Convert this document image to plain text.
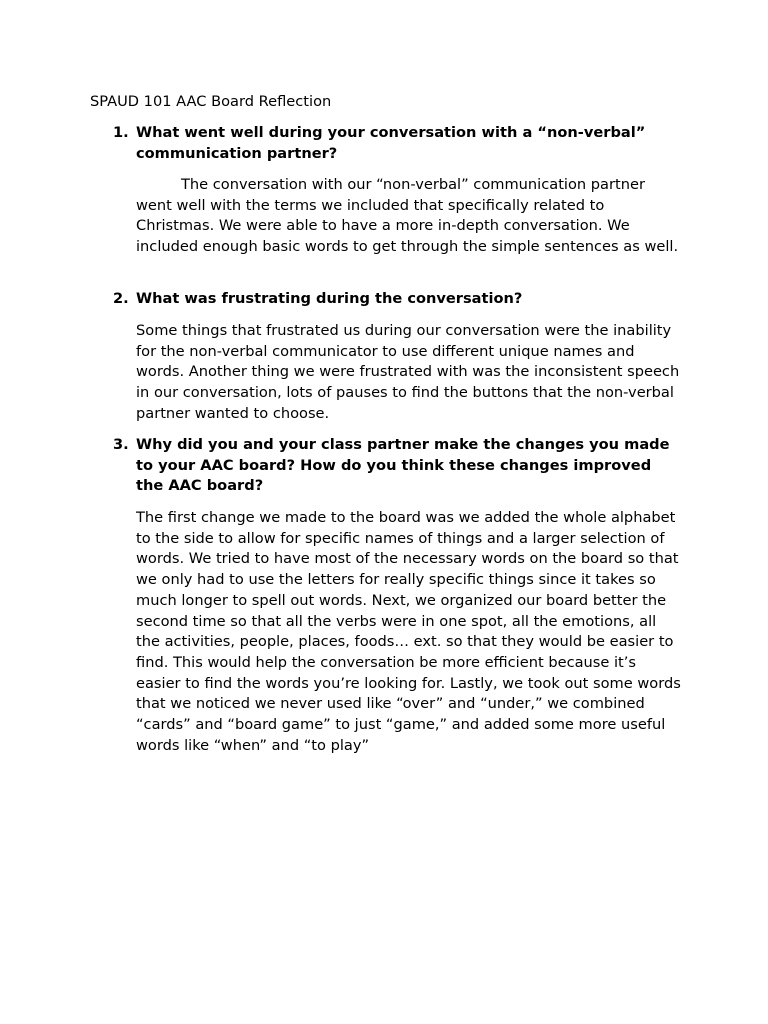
SPAUD 101 AAC Board Reflection
1. What went well during your conversation with a “non-verbal” communication partner?

The conversation with our “non-verbal” communication partner went well with the terms we included that specifically related to Christmas. We were able to have a more in-depth conversation. We included enough basic words to get through the simple sentences as well.

2. What was frustrating during the conversation?

Some things that frustrated us during our conversation were the inability for the non-verbal communicator to use different unique names and words. Another thing we were frustrated with was the inconsistent speech in our conversation, lots of pauses to find the buttons that the non-verbal partner wanted to choose.

3. Why did you and your class partner make the changes you made to your AAC board? How do you think these changes improved the AAC board?

The first change we made to the board was we added the whole alphabet to the side to allow for specific names of things and a larger selection of words. We tried to have most of the necessary words on the board so that we only had to use the letters for really specific things since it takes so much longer to spell out words. Next, we organized our board better the second time so that all the verbs were in one spot, all the emotions, all the activities, people, places, foods… ext. so that they would be easier to find. This would help the conversation be more efficient because it’s easier to find the words you’re looking for. Lastly, we took out some words that we noticed we never used like “over” and “under,” we combined “cards” and “board game” to just “game,” and added some more useful words like “when” and “to play”
